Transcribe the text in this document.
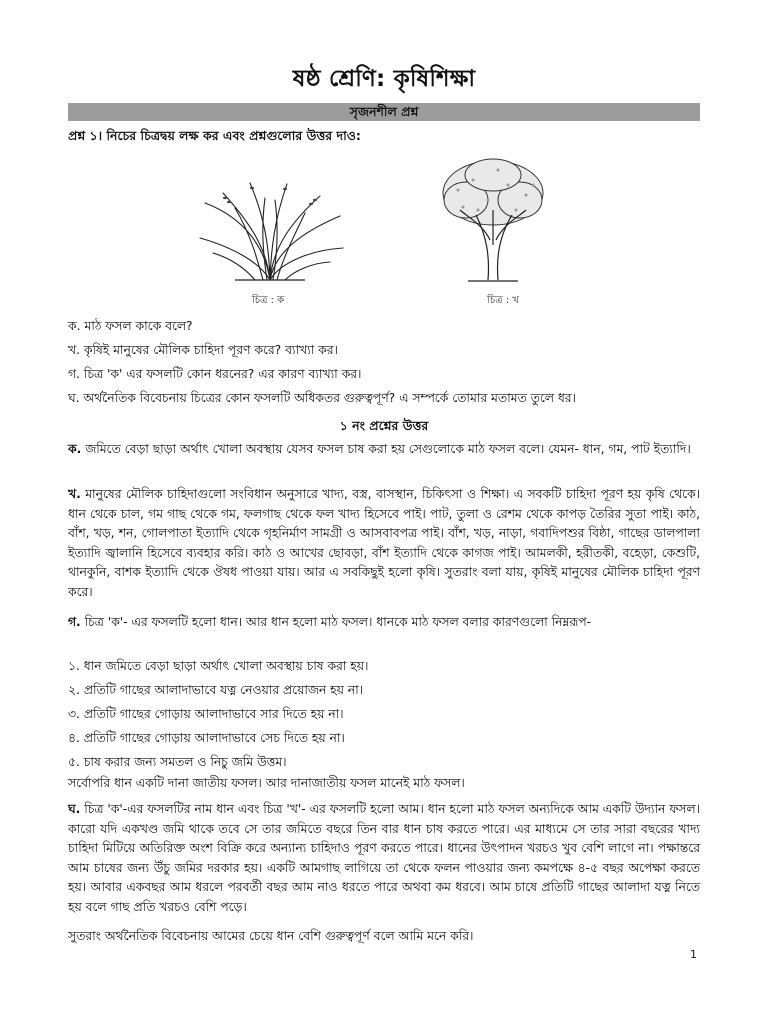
ষষ্ঠ শ্রেণি: কৃষিশিক্ষা
সৃজনশীল প্রশ্ন
প্রশ্ন ১। নিচের চিত্রদ্বয় লক্ষ কর এবং প্রশ্নগুলোর উত্তর দাও:
চিত্র : ক	চিত্র : খ
ক. মাঠ ফসল কাকে বলে?
খ. কৃষিই মানুষের মৌলিক চাহিদা পূরণ করে? ব্যাখ্যা কর।
গ. চিত্র 'ক' এর ফসলটি কোন ধরনের? এর কারণ ব্যাখ্যা কর।
ঘ. অর্থনৈতিক বিবেচনায় চিত্রের কোন ফসলটি অধিকতর গুরুত্বপূর্ণ? এ সম্পর্কে তোমার মতামত তুলে ধর।
১ নং প্রশ্নের উত্তর
ক. জমিতে বেড়া ছাড়া অর্থাৎ খোলা অবস্থায় যেসব ফসল চাষ করা হয় সেগুলোকে মাঠ ফসল বলে। যেমন- ধান, গম, পাট ইত্যাদি।
খ. মানুষের মৌলিক চাহিদাগুলো সংবিধান অনুসারে খাদ্য, বস্ত্র, বাসস্থান, চিকিৎসা ও শিক্ষা। এ সবকটি চাহিদা পূরণ হয় কৃষি থেকে। ধান থেকে চাল, গম গাছ থেকে গম, ফলগাছ থেকে ফল খাদ্য হিসেবে পাই। পাট, তুলা ও রেশম থেকে কাপড় তৈরির সুতা পাই। কাঠ, বাঁশ, খড়, শন, গোলপাতা ইত্যাদি থেকে গৃহনির্মাণ সামগ্রী ও আসবাবপত্র পাই। বাঁশ, খড়, নাড়া, গবাদিপশুর বিষ্ঠা, গাছের ডালপালা ইত্যাদি জ্বালানি হিসেবে ব্যবহার করি। কাঠ ও আখের ছোবড়া, বাঁশ ইত্যাদি থেকে কাগজ পাই। আমলকী, হরীতকী, বহেড়া, কেশুটি, থানকুনি, বাশক ইত্যাদি থেকে ঔষধ পাওয়া যায়। আর এ সবকিছুই হলো কৃষি। সুতরাং বলা যায়, কৃষিই মানুষের মৌলিক চাহিদা পূরণ করে।
গ. চিত্র 'ক'- এর ফসলটি হলো ধান। আর ধান হলো মাঠ ফসল। ধানকে মাঠ ফসল বলার কারণগুলো নিম্নরূপ-
১. ধান জমিতে বেড়া ছাড়া অর্থাৎ খোলা অবস্থায় চাষ করা হয়।
২. প্রতিটি গাছের আলাদাভাবে যত্ন নেওয়ার প্রয়োজন হয় না।
৩. প্রতিটি গাছের গোড়ায় আলাদাভাবে সার দিতে হয় না।
৪. প্রতিটি গাছের গোড়ায় আলাদাভাবে সেচ দিতে হয় না।
৫. চাষ করার জন্য সমতল ও নিচু জমি উত্তম।
সর্বোপরি ধান একটি দানা জাতীয় ফসল। আর দানাজাতীয় ফসল মানেই মাঠ ফসল।
ঘ. চিত্র 'ক'-এর ফসলটির নাম ধান এবং চিত্র 'খ'- এর ফসলটি হলো আম। ধান হলো মাঠ ফসল অন্যদিকে আম একটি উদ্যান ফসল। কারো যদি একখণ্ড জমি থাকে তবে সে তার জমিতে বছরে তিন বার ধান চাষ করতে পারে। এর মাধ্যমে সে তার সারা বছরের খাদ্য চাহিদা মিটিয়ে অতিরিক্ত অংশ বিক্রি করে অন্যান্য চাহিদাও পূরণ করতে পারে। ধানের উৎপাদন খরচও খুব বেশি লাগে না। পক্ষান্তরে আম চাষের জন্য উঁচু জমির দরকার হয়। একটি আমগাছ লাগিয়ে তা থেকে ফলন পাওয়ার জন্য কমপক্ষে ৪-৫ বছর অপেক্ষা করতে হয়। আবার একবছর আম ধরলে পরবর্তী বছর আম নাও ধরতে পারে অথবা কম ধরবে। আম চাষে প্রতিটি গাছের আলাদা যত্ন নিতে হয় বলে গাছ প্রতি খরচও বেশি পড়ে।
সুতরাং অর্থনৈতিক বিবেচনায় আমের চেয়ে ধান বেশি গুরুত্বপূর্ণ বলে আমি মনে করি।
1
